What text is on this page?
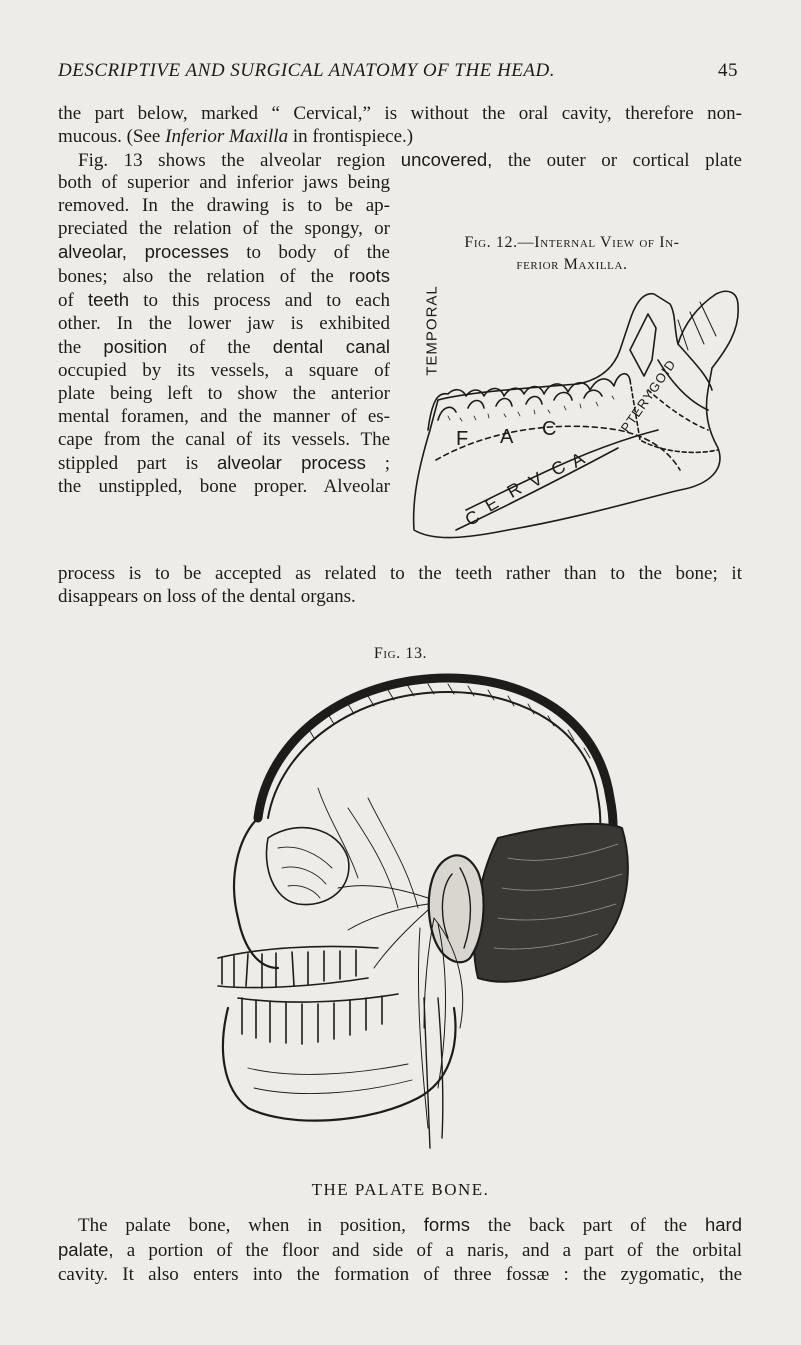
DESCRIPTIVE AND SURGICAL ANATOMY OF THE HEAD.	45
the part below, marked “ Cervical,” is without the oral cavity, therefore non-
mucous. (See Inferior Maxilla in frontispiece.)
Fig. 13 shows the alveolar region uncovered, the outer or cortical plate
both of superior and inferior jaws being
removed. In the drawing is to be ap-
preciated the relation of the spongy, or
alveolar, processes to body of the
bones; also the relation of the roots
of teeth to this process and to each
other. In the lower jaw is exhibited
the position of the dental canal
occupied by its vessels, a square of
plate being left to show the anterior
mental foramen, and the manner of es-
cape from the canal of its vessels. The
stippled part is alveolar process ;
the unstippled, bone proper. Alveolar
process is to be accepted as related to the teeth rather than to the bone; it
disappears on loss of the dental organs.
Fig. 12.—Internal View of In-
ferior Maxilla.
TEMPORAL
F A C
C
E
R V
C
A
PTERYGOID
Fig. 13.
THE PALATE BONE.
The palate bone, when in position, forms the back part of the hard
palate, a portion of the floor and side of a naris, and a part of the orbital
cavity. It also enters into the formation of three fossæ : the zygomatic, the
